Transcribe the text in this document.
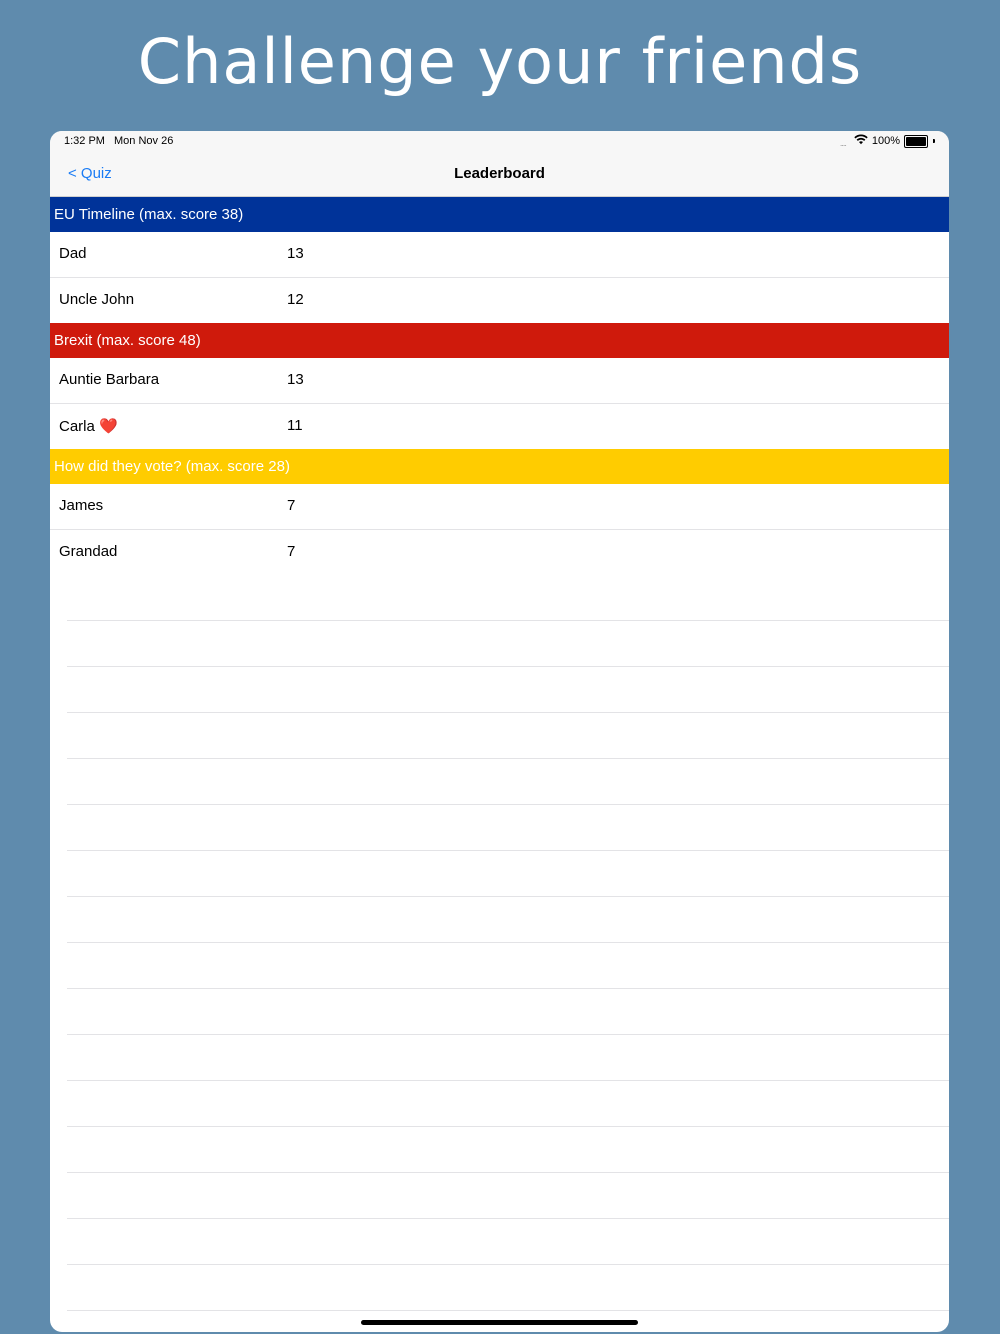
Challenge your friends
1:32 PM Mon Nov 26	.... 100%
< Quiz	Leaderboard
EU Timeline (max. score 38)
Dad	13
Uncle John	12
Brexit (max. score 48)
Auntie Barbara	13
Carla ❤️	11
How did they vote? (max. score 28)
James	7
Grandad	7
